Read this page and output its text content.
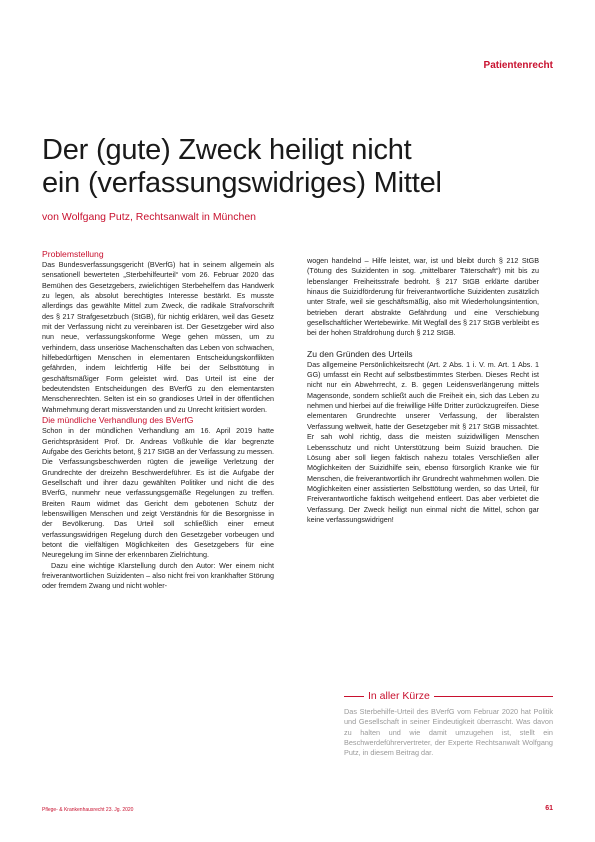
Patientenrecht
Der (gute) Zweck heiligt nicht
ein (verfassungswidriges) Mittel
von Wolfgang Putz, Rechtsanwalt in München
Problemstellung

Das Bundesverfassungsgericht (BVerfG) hat in seinem allgemein als sensationell bewerteten „Sterbehilfeurteil“ vom 26. Februar 2020 das Bemühen des Gesetzgebers, zwielichtigen Sterbehelfern das Handwerk zu legen, als absolut berechtigtes Interesse bestärkt. Es musste allerdings das gewählte Mittel zum Zweck, die radikale Strafvorschrift des § 217 Strafgesetzbuch (StGB), für nichtig erklären, weil das Gesetz mit der Verfassung nicht zu vereinbaren ist. Der Gesetzgeber wird also nun neue, verfassungskonforme Wege gehen müssen, um zu verhindern, dass unseriöse Machenschaften das Leben von schwachen, hilfebedürftigen Menschen in elementaren Entscheidungskonflikten gefährden, indem leichtfertig Hilfe bei der Selbsttötung in geschäftsmäßiger Form geleistet wird. Das Urteil ist eine der bedeutendsten Entscheidungen des BVerfG zu den elementarsten Menschenrechten. Selten ist ein so grandioses Urteil in der öffentlichen Wahrnehmung derart missverstanden und zu Unrecht kritisiert worden.

Die mündliche Verhandlung des BVerfG

Schon in der mündlichen Verhandlung am 16. April 2019 hatte Gerichtspräsident Prof. Dr. Andreas Voßkuhle die klar begrenzte Aufgabe des Gerichts betont, § 217 StGB an der Verfassung zu messen. Die Verfassungsbeschwerden rügten die jeweilige Verletzung der Grundrechte der dreizehn Beschwerdeführer. Es ist die Aufgabe der Gesellschaft und ihrer dazu gewählten Politiker und nicht die des BVerfG, nunmehr neue verfassungsgemäße Regelungen zu treffen. Breiten Raum widmet das Gericht dem gebotenen Schutz der lebenswilligen Menschen und zeigt Verständnis für die Besorgnisse in der Bevölkerung. Das Urteil soll schließlich einer erneut verfassungswidrigen Regelung durch den Gesetzgeber vorbeugen und betont die vielfältigen Möglichkeiten des Gesetzgebers für eine Neuregelung im Sinne der erkennbaren Zielrichtung.

Dazu eine wichtige Klarstellung durch den Autor: Wer einem nicht freiverantwortlichen Suizidenten – also nicht frei von krankhafter Störung oder fremdem Zwang und nicht wohler-

wogen handelnd – Hilfe leistet, war, ist und bleibt durch § 212 StGB (Tötung des Suizidenten in sog. „mittelbarer Täterschaft“) mit bis zu lebenslanger Freiheitsstrafe bedroht. § 217 StGB erklärte darüber hinaus die Suizidförderung für freiverantwortliche Suizidenten zusätzlich unter Strafe, weil sie geschäftsmäßig, also mit Wiederholungsintention, betrieben derart abstrakte Gefährdung und eine Verschiebung gesellschaftlicher Wertebewirke. Mit Wegfall des § 217 StGB verbleibt es bei der hohen Strafdrohung durch § 212 StGB.

Zu den Gründen des Urteils

Das allgemeine Persönlichkeitsrecht (Art. 2 Abs. 1 i. V. m. Art. 1 Abs. 1 GG) umfasst ein Recht auf selbstbestimmtes Sterben. Dieses Recht ist nicht nur ein Abwehrrecht, z. B. gegen Leidensverlängerung mittels Magensonde, sondern schließt auch die Freiheit ein, sich das Leben zu nehmen und hierbei auf die freiwillige Hilfe Dritter zurückzugreifen. Diese elementaren Grundrechte unserer Verfassung, der liberalsten Verfassung weltweit, hatte der Gesetzgeber mit § 217 StGB missachtet. Er sah wohl richtig, dass die meisten suizidwilligen Menschen Lebensschutz und nicht Unterstützung beim Suizid brauchen. Die Lösung aber soll liegen faktisch nahezu totales Verschließen aller Möglichkeiten der Suizidhilfe sein, ebenso fürsorglich Kranke wie für Menschen, die freiverantwortlich ihr Grundrecht wahrnehmen wollen. Die Möglichkeiten einer assistierten Selbsttötung werden, so das Urteil, für Freiverantwortliche faktisch weitgehend entleert. Das aber verbietet die Verfassung. Der Zweck heiligt nun einmal nicht die Mittel, schon gar keine verfassungswidrigen!

In aller Kürze

Das Sterbehilfe-Urteil des BVerfG vom Februar 2020 hat Politik und Gesellschaft in seiner Eindeutigkeit überrascht. Was davon zu halten und wie damit umzugehen ist, stellt ein Beschwerdeführervertreter, der Experte Rechtsanwalt Wolfgang Putz, in diesem Beitrag dar.

Pflege- & Krankenhausrecht 23. Jg. 2020	61
